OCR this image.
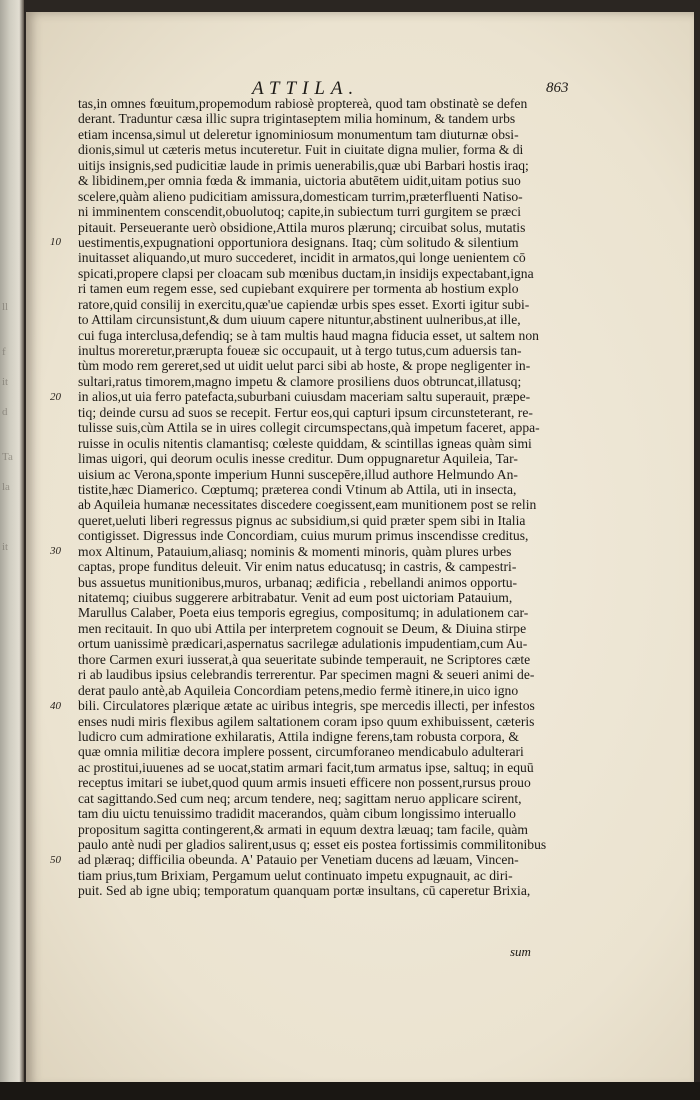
ll

f

it

d

Ta

la

it
ATTILA.	863
tas,in omnes fœuitum,propemodum rabiosè proptereà, quod tam obstinatè se defen
derant. Traduntur cæsa illic supra trigintaseptem milia hominum, & tandem urbs
etiam incensa,simul ut deleretur ignominiosum monumentum tam diuturnæ obsi-
dionis,simul ut cæteris metus incuteretur. Fuit in ciuitate digna mulier, forma & di
uitijs insignis,sed pudicitiæ laude in primis uenerabilis,quæ ubi Barbari hostis iraq;
& libidinem,per omnia fœda & immania, uictoria abutētem uidit,uitam potius suo
scelere,quàm alieno pudicitiam amissura,domesticam turrim,præterfluenti Natiso-
ni imminentem conscendit,obuolutoq; capite,in subiectum turri gurgitem se præci
pitauit. Perseuerante uerò obsidione,Attila muros plærunq; circuibat solus, mutatis
uestimentis,expugnationi opportuniora designans. Itaq; cùm solitudo & silentium
inuitasset aliquando,ut muro succederet, incidit in armatos,qui longe uenientem cō
spicati,propere clapsi per cloacam sub mœnibus ductam,in insidijs expectabant,igna
ri tamen eum regem esse, sed cupiebant exquirere per tormenta ab hostium explo
ratore,quid consilij in exercitu,quæ'ue capiendæ urbis spes esset. Exorti igitur subi-
to Attilam circunsistunt,& dum uiuum capere nituntur,abstinent uulneribus,at ille,
cui fuga interclusa,defendiq; se à tam multis haud magna fiducia esset, ut saltem non
inultus moreretur,prærupta foueæ sic occupauit, ut à tergo tutus,cum aduersis tan-
tùm modo rem gereret,sed ut uidit uelut parci sibi ab hoste, & prope negligenter in-
sultari,ratus timorem,magno impetu & clamore prosiliens duos obtruncat,illatusq;
in alios,ut uia ferro patefacta,suburbani cuiusdam maceriam saltu superauit, præpe-
tiq; deinde cursu ad suos se recepit. Fertur eos,qui capturi ipsum circunsteterant, re-
tulisse suis,cùm Attila se in uires collegit circumspectans,quà impetum faceret, appa-
ruisse in oculis nitentis clamantisq; cœleste quiddam, & scintillas igneas quàm simi
limas uigori, qui deorum oculis inesse creditur. Dum oppugnaretur Aquileia, Tar-
uisium ac Verona,sponte imperium Hunni suscepēre,illud authore Helmundo An-
tistite,hæc Diamerico. Cœptumq; præterea condi Vtinum ab Attila, uti in insecta,
ab Aquileia humanæ necessitates discedere coegissent,eam munitionem post se relin
queret,ueluti liberi regressus pignus ac subsidium,si quid præter spem sibi in Italia
contigisset. Digressus inde Concordiam, cuius murum primus inscendisse creditus,
mox Altinum, Patauium,aliasq; nominis & momenti minoris, quàm plures urbes
captas, prope funditus deleuit. Vir enim natus educatusq; in castris, & campestri-
bus assuetus munitionibus,muros, urbanaq; ædificia , rebellandi animos opportu-
nitatemq; ciuibus suggerere arbitrabatur. Venit ad eum post uictoriam Patauium,
Marullus Calaber, Poeta eius temporis egregius, compositumq; in adulationem car-
men recitauit. In quo ubi Attila per interpretem cognouit se Deum, & Diuina stirpe
ortum uanissimè prædicari,aspernatus sacrilegæ adulationis impudentiam,cum Au-
thore Carmen exuri iusserat,à qua seueritate subinde temperauit, ne Scriptores cæte
ri ab laudibus ipsius celebrandis terrerentur. Par specimen magni & seueri animi de-
derat paulo antè,ab Aquileia Concordiam petens,medio fermè itinere,in uico igno
bili. Circulatores plærique ætate ac uiribus integris, spe mercedis illecti, per infestos
enses nudi miris flexibus agilem saltationem coram ipso quum exhibuissent, cæteris
ludicro cum admiratione exhilaratis, Attila indigne ferens,tam robusta corpora, &
quæ omnia militiæ decora implere possent, circumforaneo mendicabulo adulterari
ac prostitui,iuuenes ad se uocat,statim armari facit,tum armatus ipse, saltuq; in equū
receptus imitari se iubet,quod quum armis insueti efficere non possent,rursus prouo
cat sagittando.Sed cum neq; arcum tendere, neq; sagittam neruo applicare scirent,
tam diu uictu tenuissimo tradidit macerandos, quàm cibum longissimo interuallo
propositum sagitta contingerent,& armati in equum dextra læuaq; tam facile, quàm
paulo antè nudi per gladios salirent,usus q; esset eis postea fortissimis commilitonibus
ad plæraq; difficilia obeunda. A' Patauio per Venetiam ducens ad læuam, Vincen-
tiam prius,tum Brixiam, Pergamum uelut continuato impetu expugnauit, ac diri-
puit. Sed ab igne ubiq; temporatum quanquam portæ insultans, cū caperetur Brixia,
10
20
30
40
50
sum
